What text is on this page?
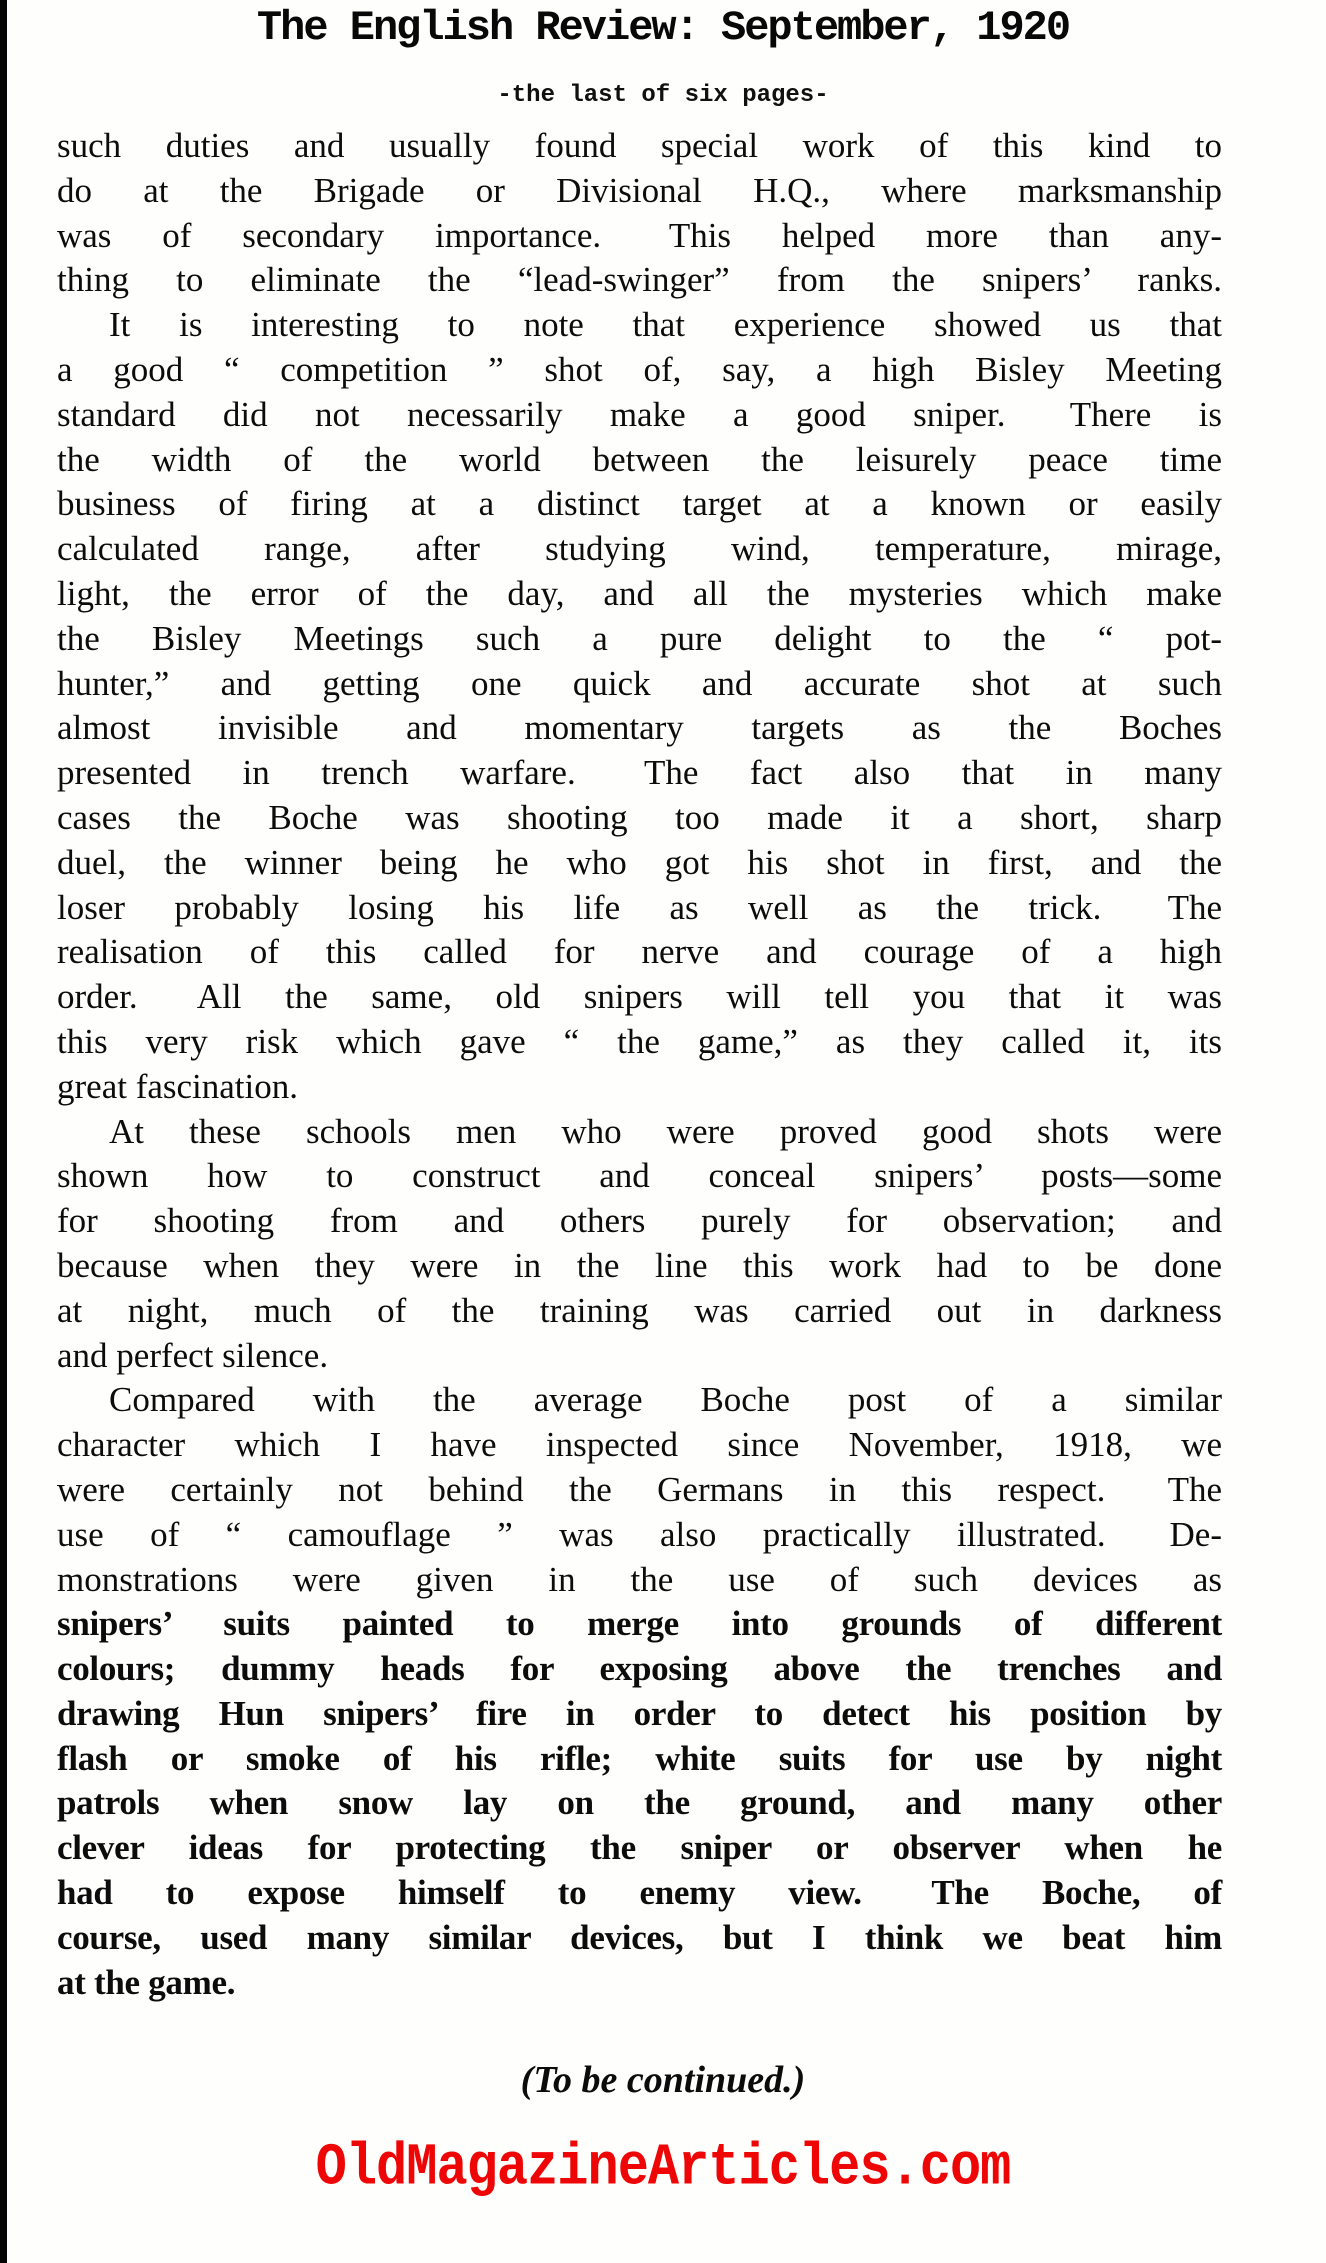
The English Review: September, 1920
-the last of six pages-
such duties and usually found special work of this kind to
do at the Brigade or Divisional H.Q., where marksmanship
was of secondary importance.  This helped more than any-
thing to eliminate the “lead-swinger” from the snipers’ ranks.
It is interesting to note that experience showed us that
a good “ competition ” shot of, say, a high Bisley Meeting
standard did not necessarily make a good sniper.  There is
the width of the world between the leisurely peace time
business of firing at a distinct target at a known or easily
calculated range, after studying wind, temperature, mirage,
light, the error of the day, and all the mysteries which make
the Bisley Meetings such a pure delight to the “ pot-
hunter,” and getting one quick and accurate shot at such
almost invisible and momentary targets as the Boches
presented in trench warfare.  The fact also that in many
cases the Boche was shooting too made it a short, sharp
duel, the winner being he who got his shot in first, and the
loser probably losing his life as well as the trick.  The
realisation of this called for nerve and courage of a high
order.  All the same, old snipers will tell you that it was
this very risk which gave “ the game,” as they called it, its
great fascination.
At these schools men who were proved good shots were
shown how to construct and conceal snipers’ posts—some
for shooting from and others purely for observation; and
because when they were in the line this work had to be done
at night, much of the training was carried out in darkness
and perfect silence.
Compared with the average Boche post of a similar
character which I have inspected since November, 1918, we
were certainly not behind the Germans in this respect.  The
use of “ camouflage ” was also practically illustrated.  De-
monstrations were given in the use of such devices as
snipers’ suits painted to merge into grounds of different
colours; dummy heads for exposing above the trenches and
drawing Hun snipers’ fire in order to detect his position by
flash or smoke of his rifle; white suits for use by night
patrols when snow lay on the ground, and many other
clever ideas for protecting the sniper or observer when he
had to expose himself to enemy view.  The Boche, of
course, used many similar devices, but I think we beat him
at the game.
(To be continued.)
OldMagazineArticles.com
